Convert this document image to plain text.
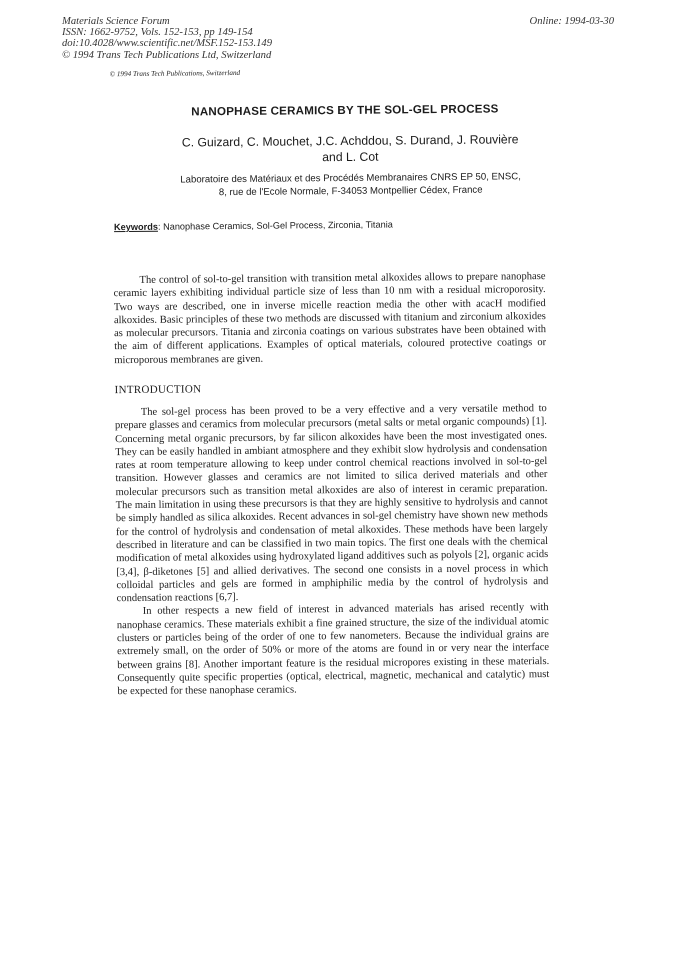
Materials Science Forum
ISSN: 1662-9752, Vols. 152-153, pp 149-154
doi:10.4028/www.scientific.net/MSF.152-153.149
© 1994 Trans Tech Publications Ltd, Switzerland
Online: 1994-03-30
© 1994 Trans Tech Publications, Switzerland
NANOPHASE CERAMICS BY THE SOL-GEL PROCESS
C. Guizard, C. Mouchet, J.C. Achddou, S. Durand, J. Rouvière
and L. Cot
Laboratoire des Matériaux et des Procédés Membranaires CNRS EP 50, ENSC,
8, rue de l'Ecole Normale, F-34053 Montpellier Cédex, France
Keywords: Nanophase Ceramics, Sol-Gel Process, Zirconia, Titania

The control of sol-to-gel transition with transition metal alkoxides allows to prepare nanophase ceramic layers exhibiting individual particle size of less than 10 nm with a residual microporosity. Two ways are described, one in inverse micelle reaction media the other with acacH modified alkoxides. Basic principles of these two methods are discussed with titanium and zirconium alkoxides as molecular precursors. Titania and zirconia coatings on various substrates have been obtained with the aim of different applications. Examples of optical materials, coloured protective coatings or microporous membranes are given.

INTRODUCTION

The sol-gel process has been proved to be a very effective and a very versatile method to prepare glasses and ceramics from molecular precursors (metal salts or metal organic compounds) [1]. Concerning metal organic precursors, by far silicon alkoxides have been the most investigated ones. They can be easily handled in ambiant atmosphere and they exhibit slow hydrolysis and condensation rates at room temperature allowing to keep under control chemical reactions involved in sol-to-gel transition. However glasses and ceramics are not limited to silica derived materials and other molecular precursors such as transition metal alkoxides are also of interest in ceramic preparation. The main limitation in using these precursors is that they are highly sensitive to hydrolysis and cannot be simply handled as silica alkoxides. Recent advances in sol-gel chemistry have shown new methods for the control of hydrolysis and condensation of metal alkoxides. These methods have been largely described in literature and can be classified in two main topics. The first one deals with the chemical modification of metal alkoxides using hydroxylated ligand additives such as polyols [2], organic acids [3,4], β-diketones [5] and allied derivatives. The second one consists in a novel process in which colloidal particles and gels are formed in amphiphilic media by the control of hydrolysis and condensation reactions [6,7].

In other respects a new field of interest in advanced materials has arised recently with nanophase ceramics. These materials exhibit a fine grained structure, the size of the individual atomic clusters or particles being of the order of one to few nanometers. Because the individual grains are extremely small, on the order of 50% or more of the atoms are found in or very near the interface between grains [8]. Another important feature is the residual micropores existing in these materials. Consequently quite specific properties (optical, electrical, magnetic, mechanical and catalytic) must be expected for these nanophase ceramics.
